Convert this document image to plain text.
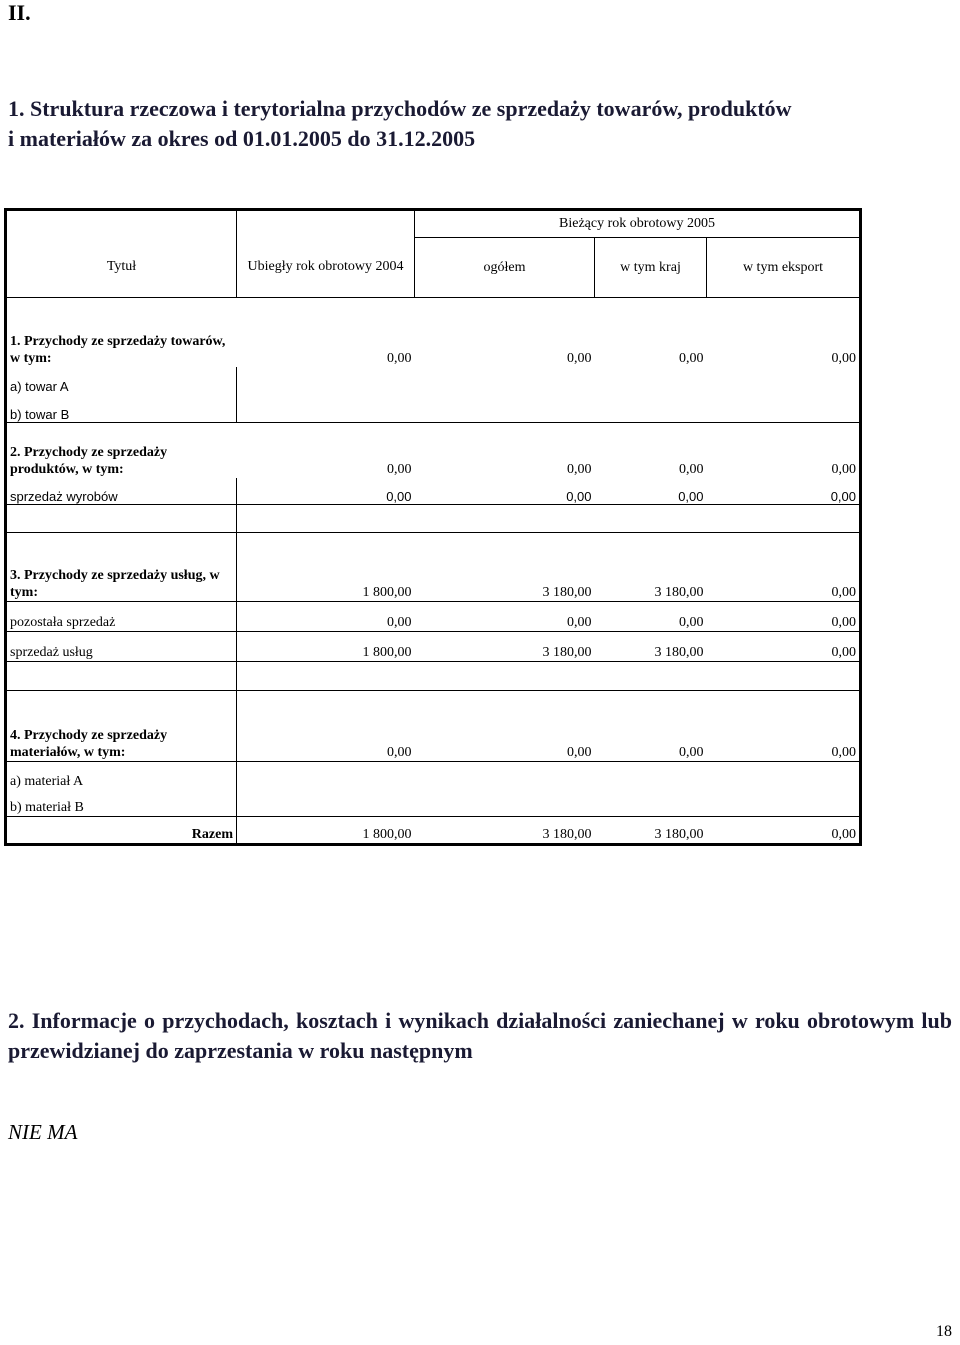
II.
1. Struktura rzeczowa i terytorialna przychodów ze sprzedaży towarów, produktów
i materiałów za okres od 01.01.2005 do 31.12.2005
		Bieżący rok obrotowy 2005		
Tytuł	Ubiegły rok obrotowy 2004	ogółem	w tym kraj	w tym eksport
1. Przychody ze sprzedaży towarów, w tym:	0,00	0,00	0,00	0,00
a) towar A				
b) towar B				
2. Przychody ze sprzedaży produktów, w tym:	0,00	0,00	0,00	0,00
sprzedaż wyrobów	0,00	0,00	0,00	0,00

3. Przychody ze sprzedaży usług, w tym:	1 800,00	3 180,00	3 180,00	0,00
pozostała sprzedaż	0,00	0,00	0,00	0,00
sprzedaż usług	1 800,00	3 180,00	3 180,00	0,00

4. Przychody ze sprzedaży materiałów, w tym:	0,00	0,00	0,00	0,00
a) materiał A				
b) materiał B				
Razem	1 800,00	3 180,00	3 180,00	0,00
2. Informacje o przychodach, kosztach i wynikach działalności zaniechanej w roku obrotowym lub przewidzianej do zaprzestania w roku następnym
NIE MA
18
